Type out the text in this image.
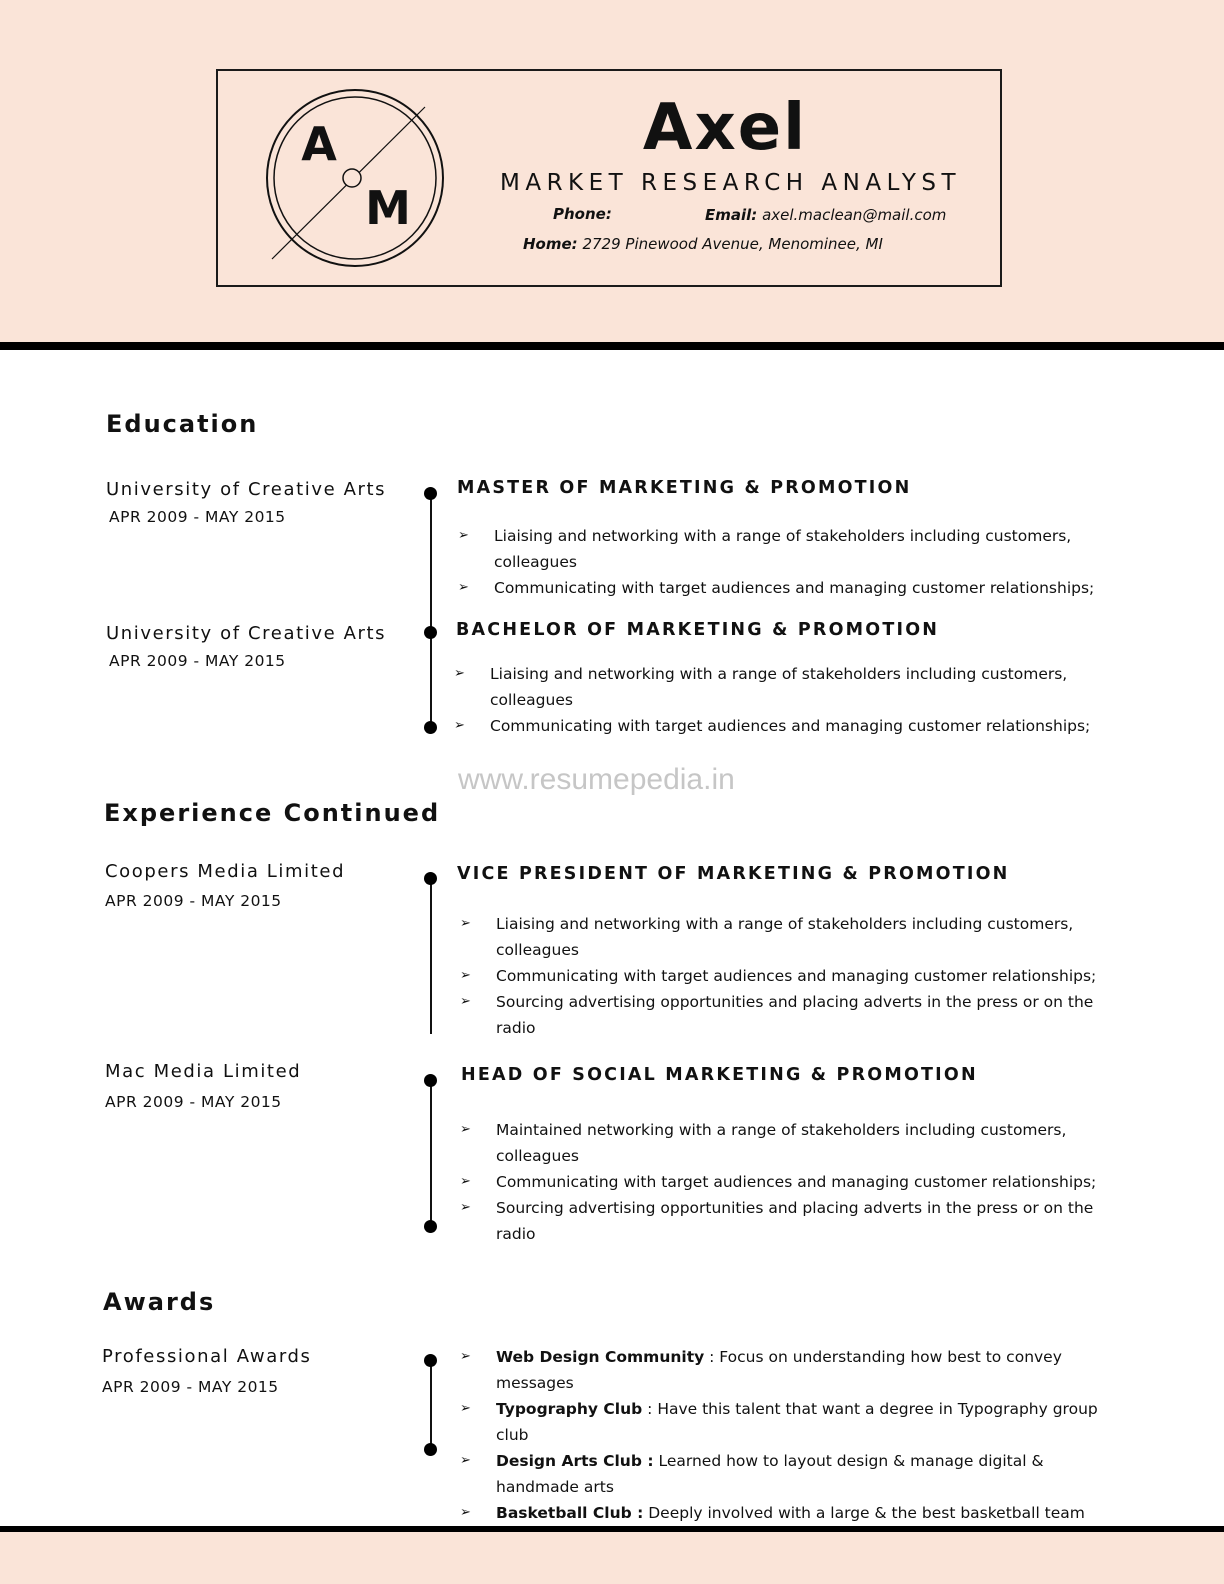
A
M
Axel
MARKET RESEARCH ANALYST
Phone:	Email: axel.maclean@mail.com
Home: 2729 Pinewood Avenue, Menominee, MI
Education
University of Creative Arts
APR 2009 - MAY 2015
MASTER OF MARKETING & PROMOTION
➢ Liaising and networking with a range of stakeholders including customers, colleagues
➢ Communicating with target audiences and managing customer relationships;
University of Creative Arts
APR 2009 - MAY 2015
BACHELOR OF MARKETING & PROMOTION
➢ Liaising and networking with a range of stakeholders including customers, colleagues
➢ Communicating with target audiences and managing customer relationships;
www.resumepedia.in
Experience Continued
Coopers Media Limited
APR 2009 - MAY 2015
VICE PRESIDENT OF MARKETING & PROMOTION
➢ Liaising and networking with a range of stakeholders including customers, colleagues
➢ Communicating with target audiences and managing customer relationships;
➢ Sourcing advertising opportunities and placing adverts in the press or on the radio
Mac Media Limited
APR 2009 - MAY 2015
HEAD OF SOCIAL MARKETING & PROMOTION
➢ Maintained networking with a range of stakeholders including customers, colleagues
➢ Communicating with target audiences and managing customer relationships;
➢ Sourcing advertising opportunities and placing adverts in the press or on the radio
Awards
Professional Awards
APR 2009 - MAY 2015
➢ Web Design Community : Focus on understanding how best to convey messages
➢ Typography Club : Have this talent that want a degree in Typography group club
➢ Design Arts Club : Learned how to layout design & manage digital & handmade arts
➢ Basketball Club : Deeply involved with a large & the best basketball team
